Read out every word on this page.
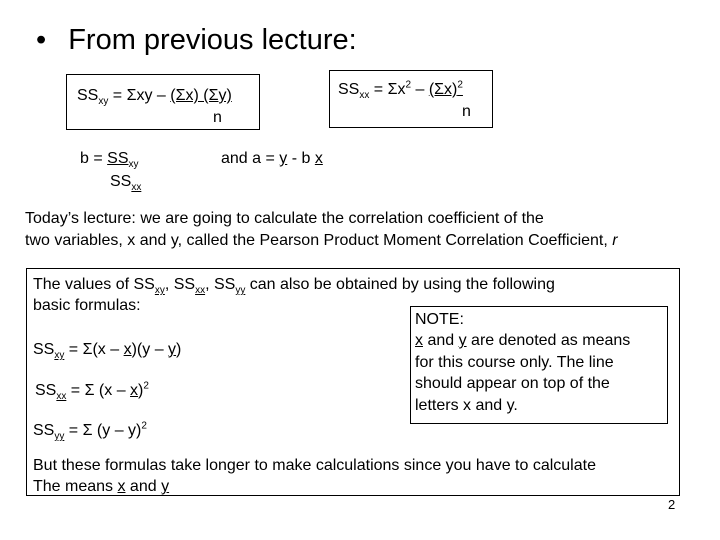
• From previous lecture:
$SS_{xy} = \Sigma xy - (\Sigma x)$ (Σy)
n
$SS_{xx} = \Sigma x^2 - (\Sigma x)^2$
n
$b = SS_{xy}$
$SS_{xx}$
and a = y - b x
Today’s lecture: we are going to calculate the correlation coefficient of the
two variables, x and y, called the Pearson Product Moment Correlation Coefficient, r
The values of $SS_{xy}$, $SS_{xx}$, $SS_{yy}$ can also be obtained by using the following
basic formulas:
$SS_{xy} = \Sigma(x - x)(y - y)$
$SS_{xx} = \Sigma$ (x – x)$^2$
$SS_{yy} = \Sigma$ (y – y)$^2$
But these formulas take longer to make calculations since you have to calculate
The means x and y
NOTE:
x and y are denoted as means
for this course only. The line
should appear on top of the
letters x and y.
2
